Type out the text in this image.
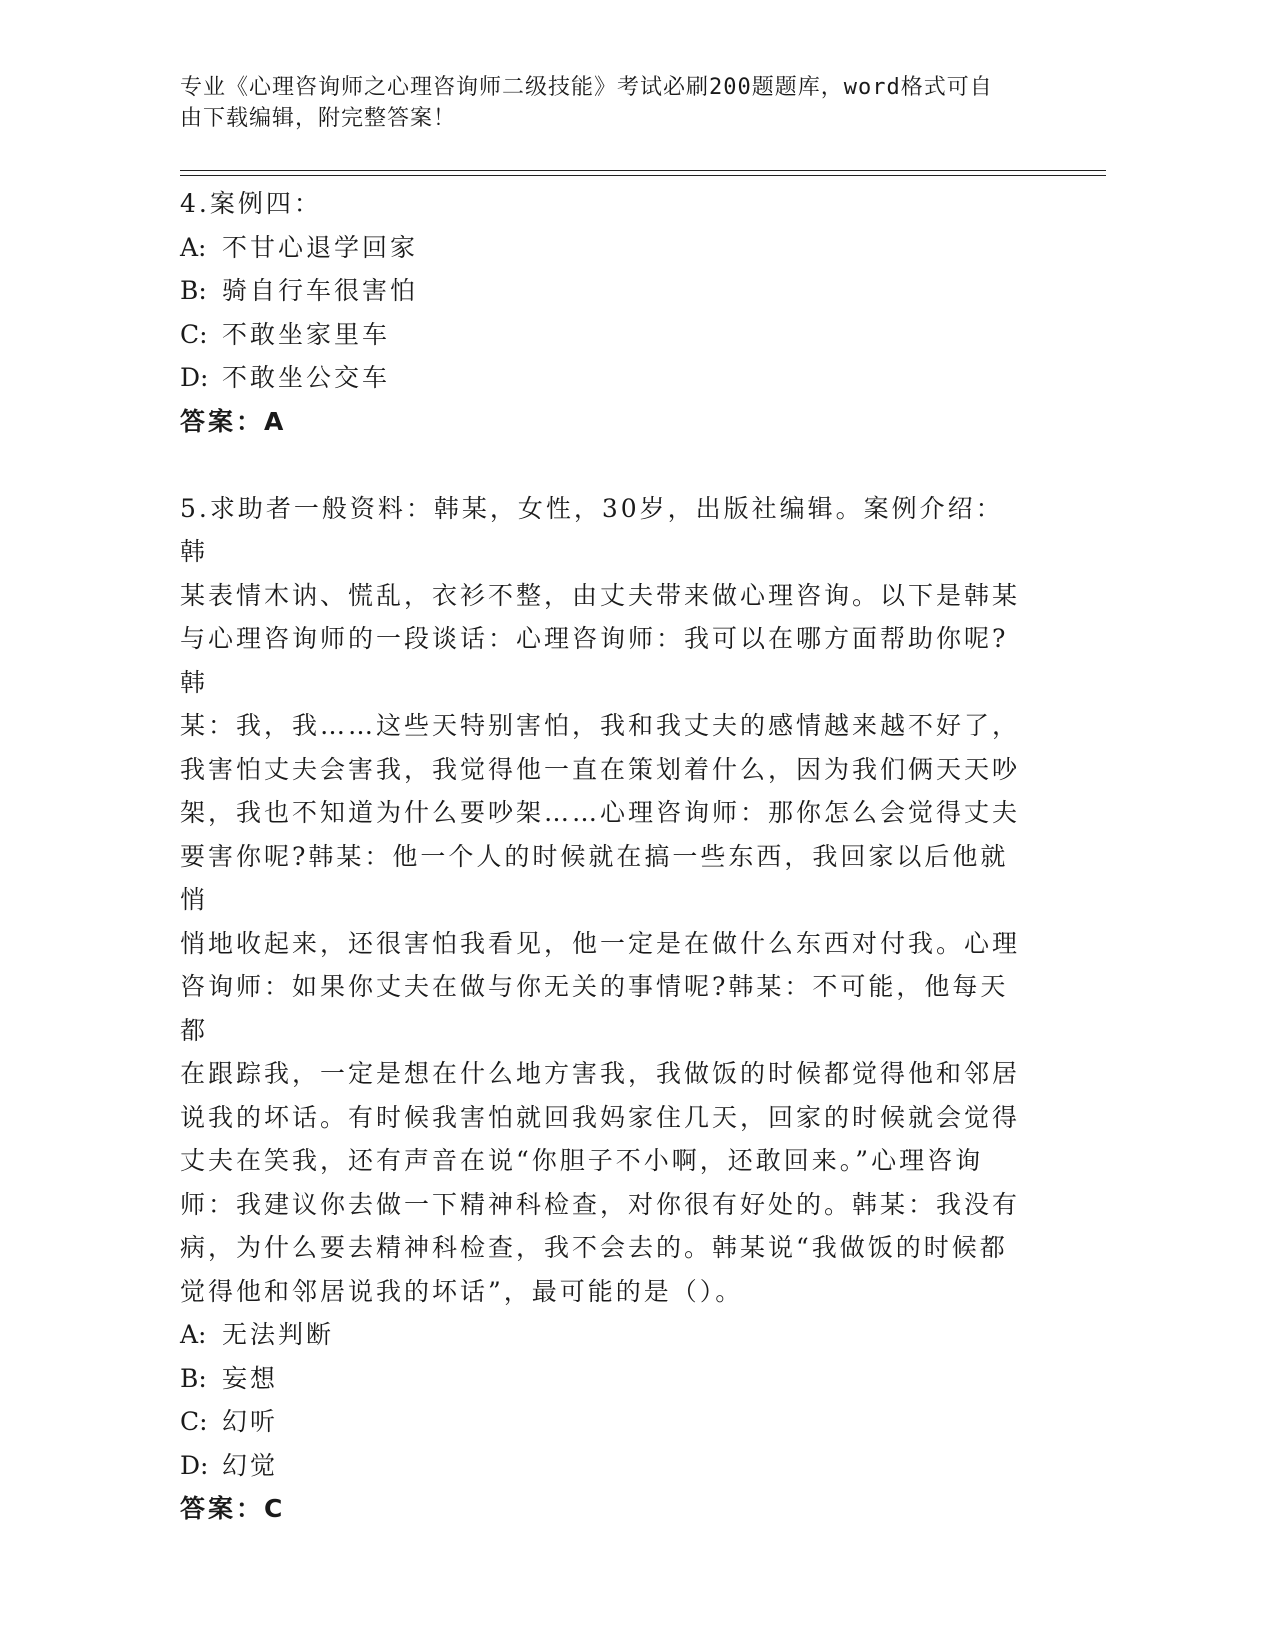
专业《心理咨询师之心理咨询师二级技能》考试必刷200题题库，word格式可自
由下载编辑，附完整答案！

4.案例四：

A: 不甘心退学回家

B: 骑自行车很害怕

C: 不敢坐家里车

D: 不敢坐公交车

答案：A

5.求助者一般资料：韩某，女性，30岁，出版社编辑。案例介绍：韩
某表情木讷、慌乱，衣衫不整，由丈夫带来做心理咨询。以下是韩某
与心理咨询师的一段谈话：心理咨询师：我可以在哪方面帮助你呢?韩
某：我，我……这些天特别害怕，我和我丈夫的感情越来越不好了，
我害怕丈夫会害我，我觉得他一直在策划着什么，因为我们俩天天吵
架，我也不知道为什么要吵架……心理咨询师：那你怎么会觉得丈夫
要害你呢?韩某：他一个人的时候就在搞一些东西，我回家以后他就悄
悄地收起来，还很害怕我看见，他一定是在做什么东西对付我。心理
咨询师：如果你丈夫在做与你无关的事情呢?韩某：不可能，他每天都
在跟踪我，一定是想在什么地方害我，我做饭的时候都觉得他和邻居
说我的坏话。有时候我害怕就回我妈家住几天，回家的时候就会觉得
丈夫在笑我，还有声音在说“你胆子不小啊，还敢回来。”心理咨询
师：我建议你去做一下精神科检查，对你很有好处的。韩某：我没有
病，为什么要去精神科检查，我不会去的。韩某说“我做饭的时候都
觉得他和邻居说我的坏话”，最可能的是（）。

A: 无法判断

B: 妄想

C: 幻听

D: 幻觉

答案：C
